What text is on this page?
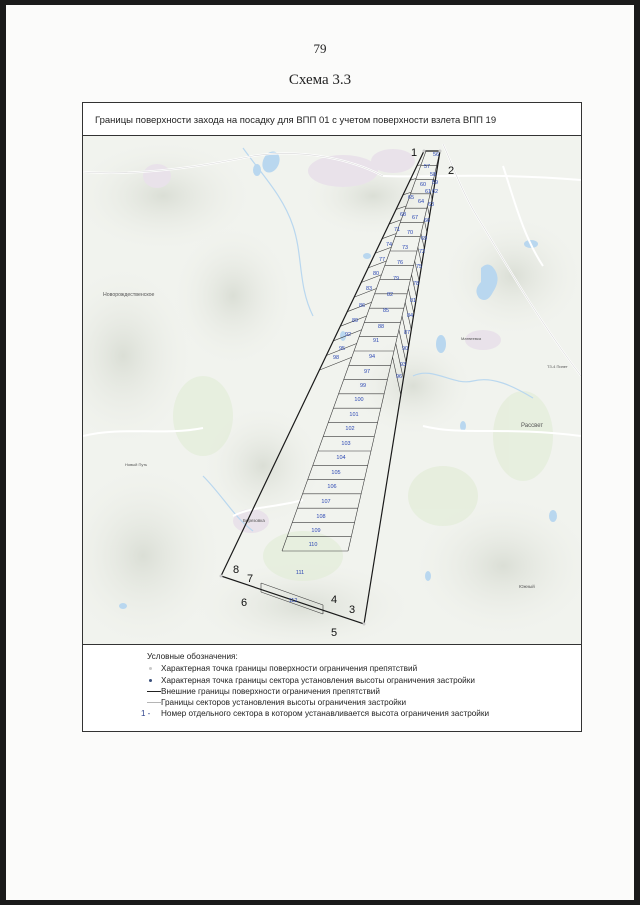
79
Схема 3.3
Границы поверхности захода на посадку для ВПП 01 с учетом поверхности взлета ВПП 19
Новорождественское
Матвеевка
ТЗ-4 Пинет
Рассвет
Новый Путь
Березовка
Южный
1
2
3
4
5
6
7
8
56
57
58
59
60
61 62
63
64
65
66
67
68
69
70
71
72
73
74
75
76
77
78
79
80
81
82
83
84
85
86
87
88
89
90
91
92
93
94
95
96
97
98
99
100
101
102
103
104
105
106
107
108
109
110
111
112
Условные обозначения:
Характерная точка границы поверхности ограничения препятствий
Характерная точка границы сектора установления высоты ограничения застройки
Внешние границы поверхности ограничения препятствий
Границы секторов установления высоты ограничения застройки
1 - Номер отдельного сектора в котором устанавливается высота ограничения застройки
